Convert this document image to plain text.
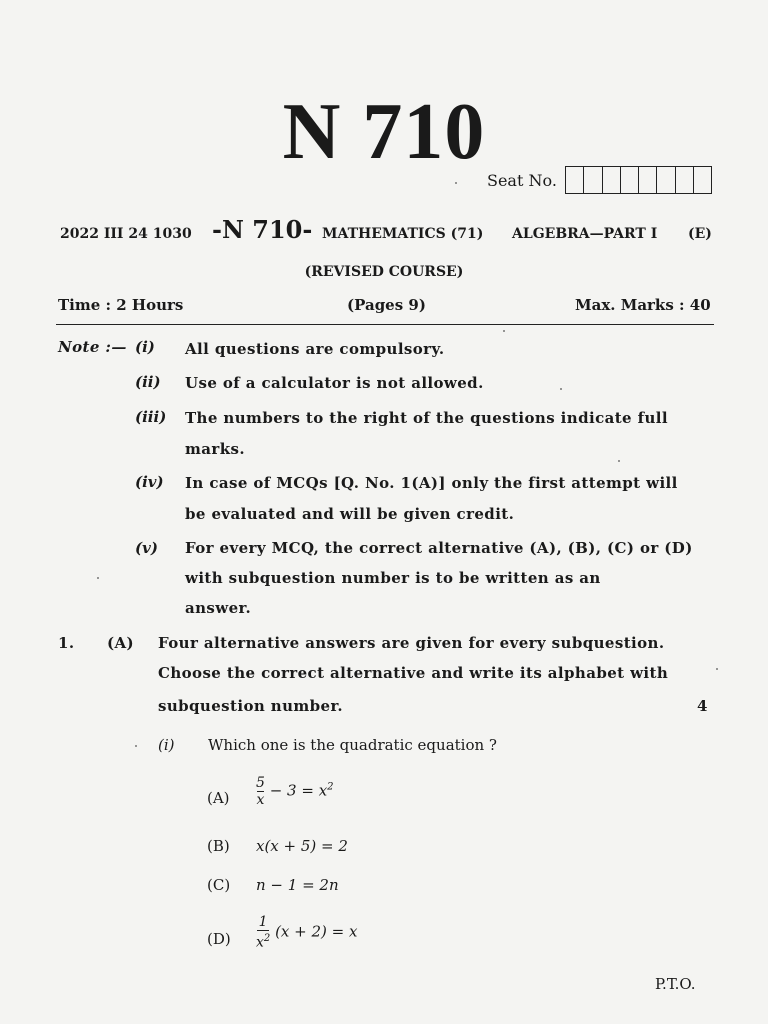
N 710
Seat No.
2022 III 24 1030 -N 710- MATHEMATICS (71) ALGEBRA—PART I (E)
(REVISED COURSE)
Time : 2 Hours	(Pages 9)	Max. Marks : 40
Note :— (i) All questions are compulsory.
(ii) Use of a calculator is not allowed.
(iii) The numbers to the right of the questions indicate full
marks.
(iv) In case of MCQs [Q. No. 1(A)] only the first attempt will
be evaluated and will be given credit.
(v) For every MCQ, the correct alternative (A), (B), (C) or (D)
with subquestion number is to be written as an
answer.
1. (A) Four alternative answers are given for every subquestion.
Choose the correct alternative and write its alphabet with
subquestion number.	4
(i) Which one is the quadratic equation ?
$(A) \frac{5}{x} - 3 = x^2$
(B) x(x + 5) = 2
(C) n − 1 = 2n
$(D) \frac{1}{x^2} (x + 2) = x$
P.T.O.
